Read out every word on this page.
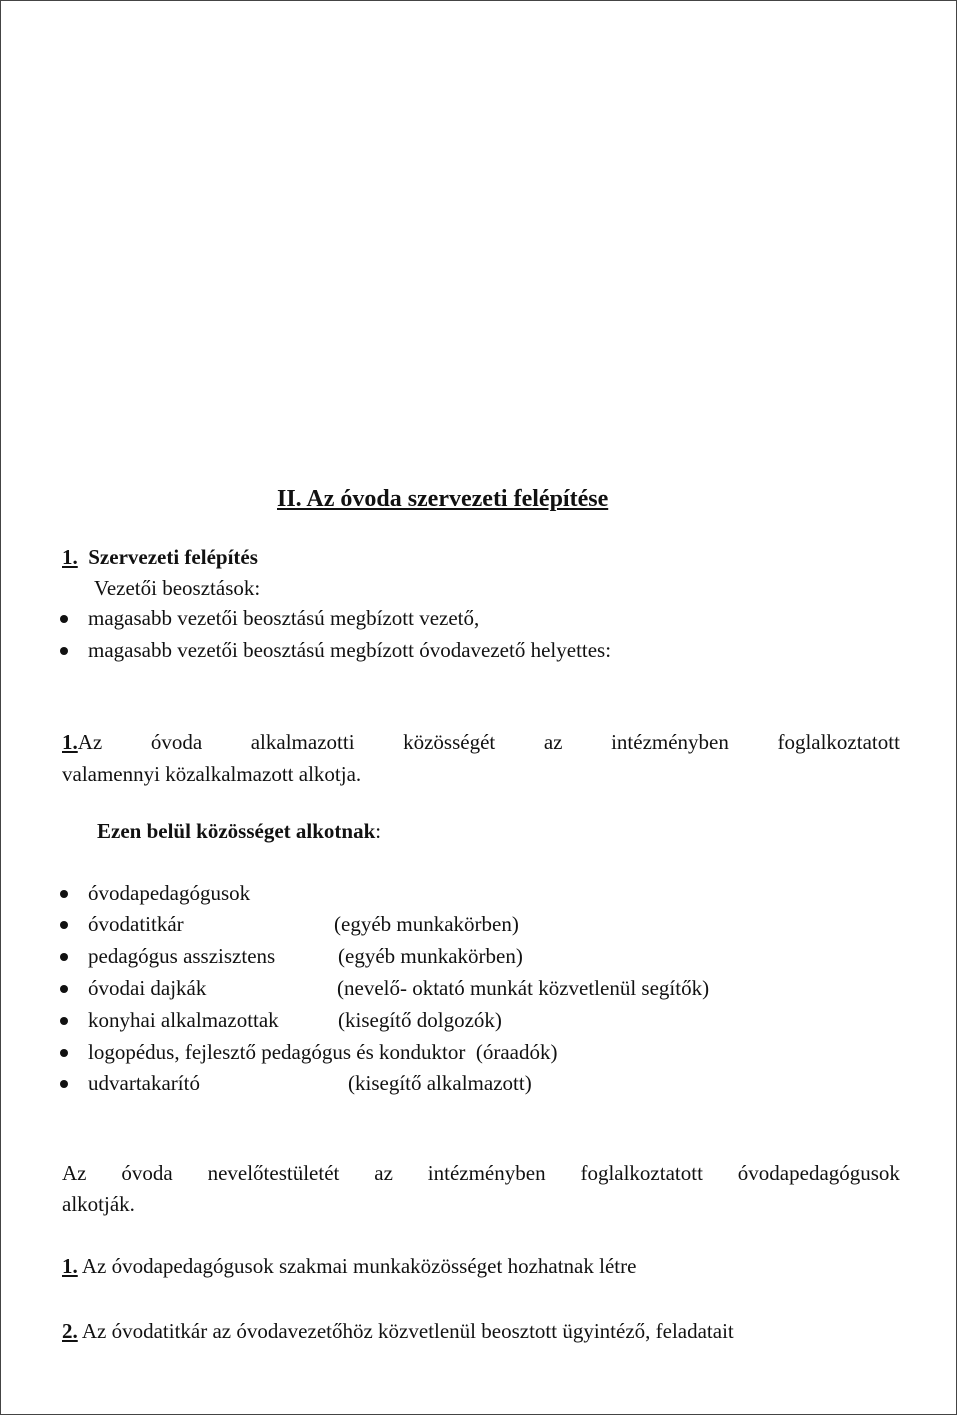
II. Az óvoda szervezeti felépítése
1. Szervezeti felépítés
Vezetői beosztások:
magasabb vezetői beosztású megbízott vezető,
magasabb vezetői beosztású megbízott óvodavezető helyettes:
1.Az óvoda alkalmazotti közösségét az intézményben foglalkoztatott
valamennyi közalkalmazott alkotja.
Ezen belül közösséget alkotnak:
óvodapedagógusok
óvodatitkár	(egyéb munkakörben)
pedagógus asszisztens	(egyéb munkakörben)
óvodai dajkák	(nevelő- oktató munkát közvetlenül segítők)
konyhai alkalmazottak	(kisegítő dolgozók)
logopédus, fejlesztő pedagógus és konduktor (óraadók)
udvartakarító	(kisegítő alkalmazott)
Az óvoda nevelőtestületét az intézményben foglalkoztatott óvodapedagógusok
alkotják.
1. Az óvodapedagógusok szakmai munkaközösséget hozhatnak létre
2. Az óvodatitkár az óvodavezetőhöz közvetlenül beosztott ügyintéző, feladatait
